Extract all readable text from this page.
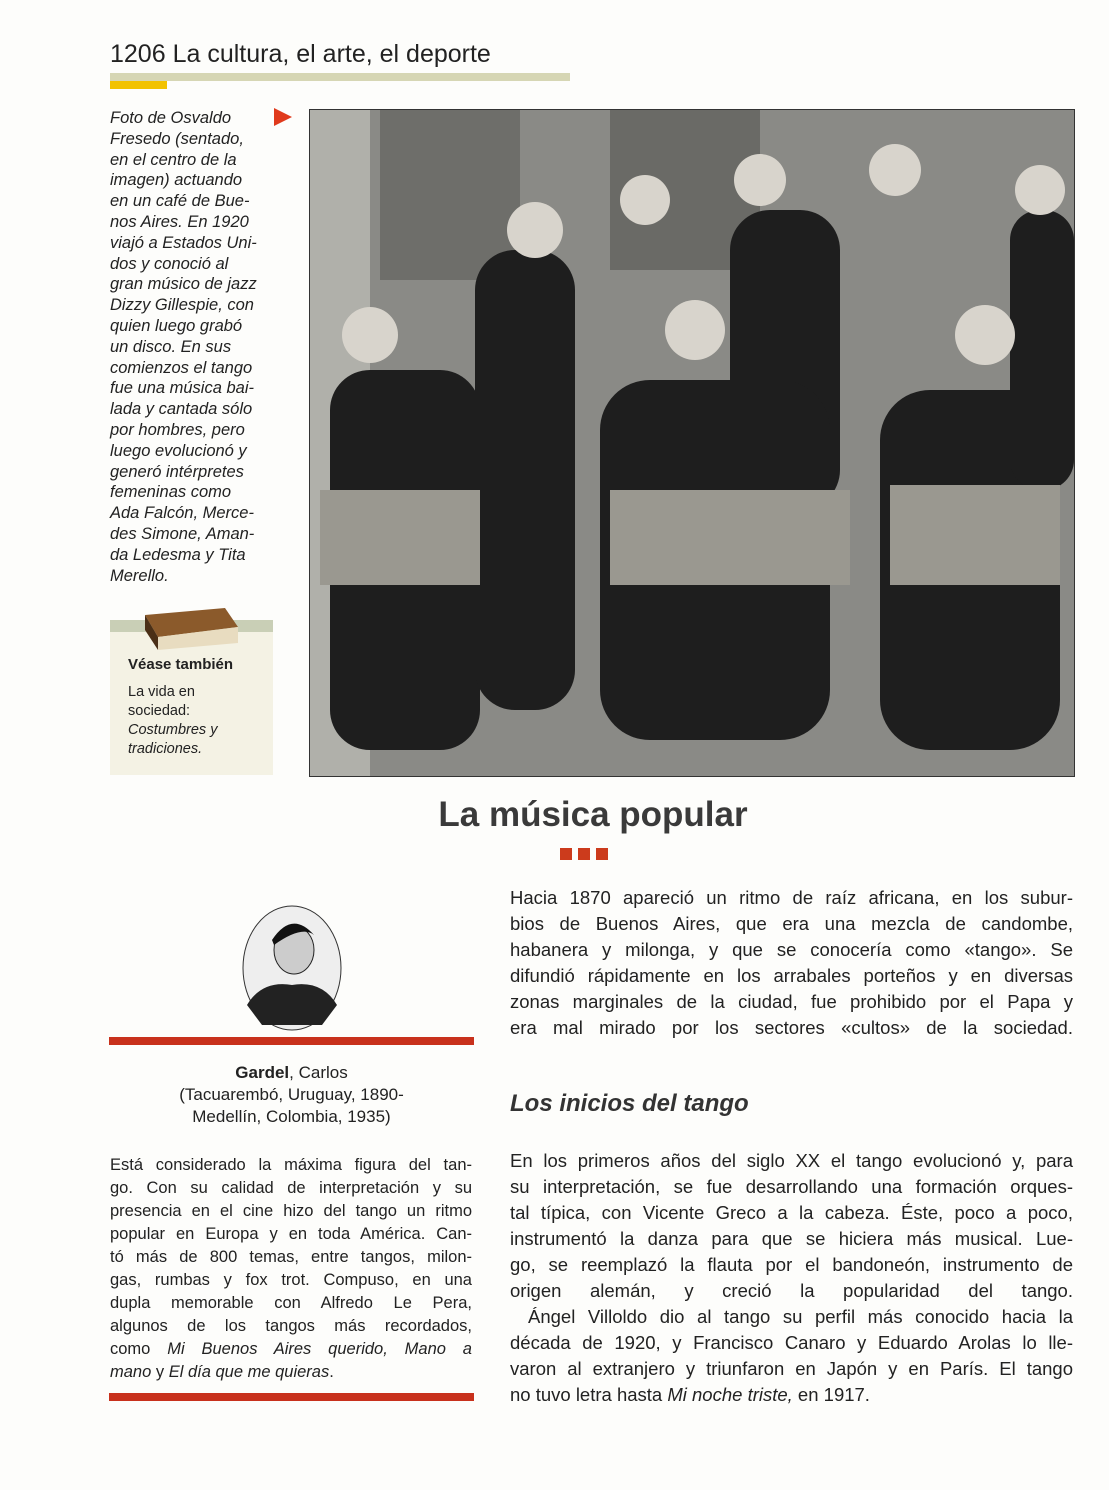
1206 La cultura, el arte, el deporte
Foto de Osvaldo
Fresedo (sentado,
en el centro de la
imagen) actuando
en un café de Bue-
nos Aires. En 1920
viajó a Estados Uni-
dos y conoció al
gran músico de jazz
Dizzy Gillespie, con
quien luego grabó
un disco. En sus
comienzos el tango
fue una música bai-
lada y cantada sólo
por hombres, pero
luego evolucionó y
generó intérpretes
femeninas como
Ada Falcón, Merce-
des Simone, Aman-
da Ledesma y Tita
Merello.
Véase también
La vida en sociedad:
Costumbres y tradiciones.
La música popular
Gardel, Carlos
(Tacuarembó, Uruguay, 1890-
Medellín, Colombia, 1935)
Está considerado la máxima figura del tan-
go. Con su calidad de interpretación y su
presencia en el cine hizo del tango un ritmo
popular en Europa y en toda América. Can-
tó más de 800 temas, entre tangos, milon-
gas, rumbas y fox trot. Compuso, en una
dupla memorable con Alfredo Le Pera,
algunos de los tangos más recordados,
como Mi Buenos Aires querido, Mano a
mano y El día que me quieras.
Hacia 1870 apareció un ritmo de raíz africana, en los subur-
bios de Buenos Aires, que era una mezcla de candombe,
habanera y milonga, y que se conocería como «tango». Se
difundió rápidamente en los arrabales porteños y en diversas
zonas marginales de la ciudad, fue prohibido por el Papa y
era mal mirado por los sectores «cultos» de la sociedad.
Los inicios del tango
En los primeros años del siglo XX el tango evolucionó y, para
su interpretación, se fue desarrollando una formación orques-
tal típica, con Vicente Greco a la cabeza. Éste, poco a poco,
instrumentó la danza para que se hiciera más musical. Lue-
go, se reemplazó la flauta por el bandoneón, instrumento de
origen alemán, y creció la popularidad del tango.
Ángel Villoldo dio al tango su perfil más conocido hacia la
década de 1920, y Francisco Canaro y Eduardo Arolas lo lle-
varon al extranjero y triunfaron en Japón y en París. El tango
no tuvo letra hasta Mi noche triste, en 1917.
